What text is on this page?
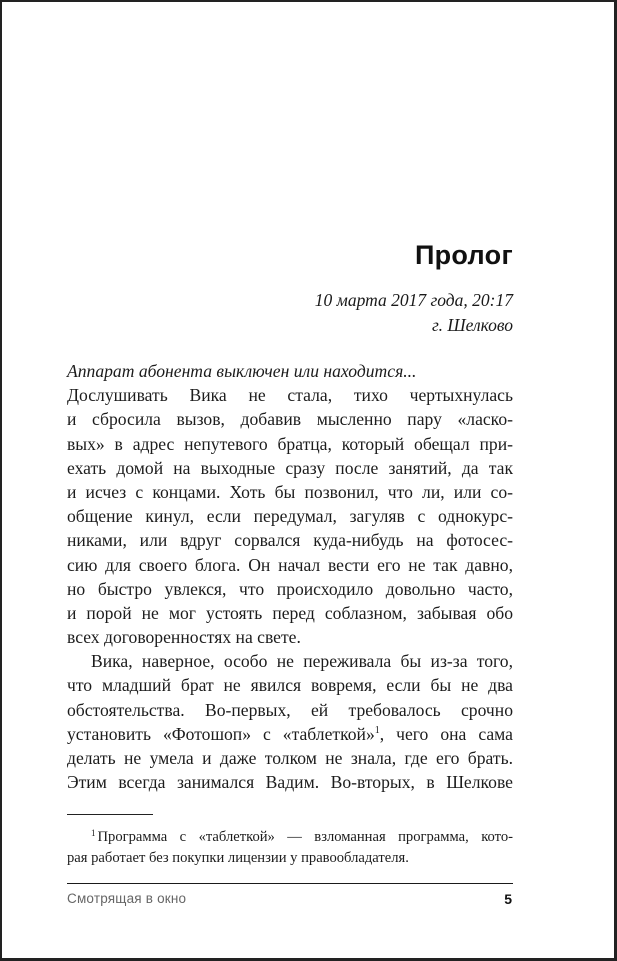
Пролог
10 марта 2017 года, 20:17
г. Шелково
Аппарат абонента выключен или находится...
Дослушивать Вика не стала, тихо чертыхнулась
и сбросила вызов, добавив мысленно пару «ласко-
вых» в адрес непутевого братца, который обещал при-
ехать домой на выходные сразу после занятий, да так
и исчез с концами. Хоть бы позвонил, что ли, или со-
общение кинул, если передумал, загуляв с однокурс-
никами, или вдруг сорвался куда-нибудь на фотосес-
сию для своего блога. Он начал вести его не так давно,
но быстро увлекся, что происходило довольно часто,
и порой не мог устоять перед соблазном, забывая обо
всех договоренностях на свете.
Вика, наверное, особо не переживала бы из-за того,
что младший брат не явился вовремя, если бы не два
обстоятельства. Во-первых, ей требовалось срочно
установить «Фотошоп» с «таблеткой»$^1$, чего она сама
делать не умела и даже толком не знала, где его брать.
Этим всегда занимался Вадим. Во-вторых, в Шелкове
$^1$ Программа с «таблеткой» — взломанная программа, кото-
рая работает без покупки лицензии у правообладателя.
Смотрящая в окно	5
